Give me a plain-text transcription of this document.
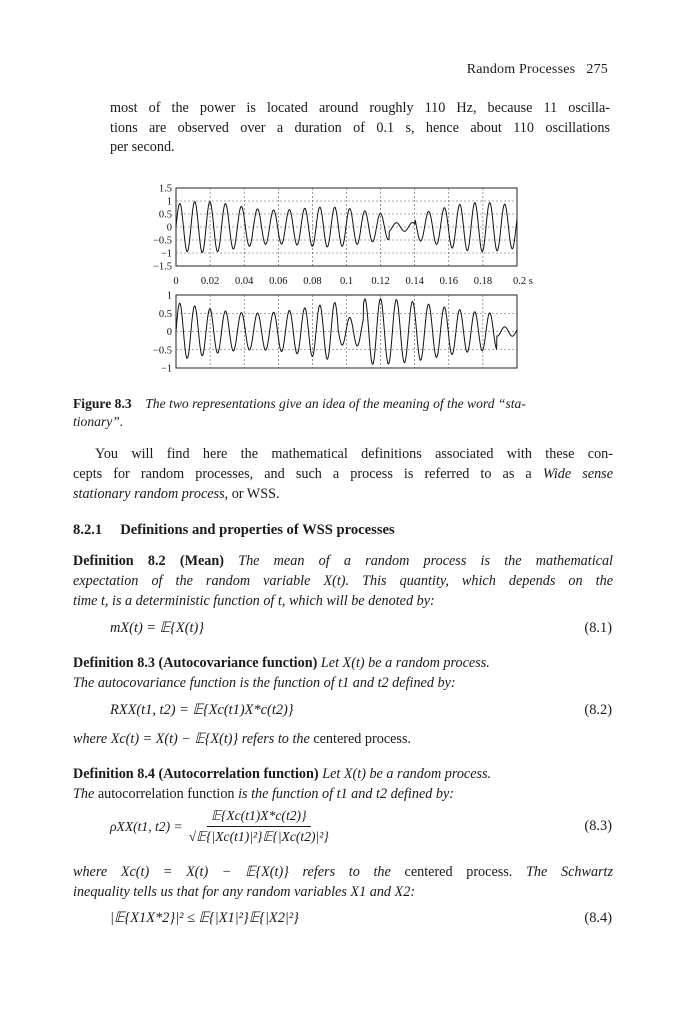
Random Processes 275
most of the power is located around roughly 110 Hz, because 11 oscilla-
tions are observed over a duration of 0.1 s, hence about 110 oscillations
per second.
1.5
1
0.5
0
−0.5
−1
−1.5
0 0.02 0.04 0.06 0.08 0.1 0.12 0.14 0.16 0.18 0.2 s
1
0.5
0
−0.5
−1
Figure 8.3 The two representations give an idea of the meaning of the word “sta-
tionary”.
You will find here the mathematical definitions associated with these con-
cepts for random processes, and such a process is referred to as a Wide sense
stationary random process, or WSS.
8.2.1 Definitions and properties of WSS processes
Definition 8.2 (Mean) The mean of a random process is the mathematical
expectation of the random variable X(t). This quantity, which depends on the
time t, is a deterministic function of t, which will be denoted by:
mX(t) = 𝔼{X(t)}	(8.1)
Definition 8.3 (Autocovariance function) Let X(t) be a random process.
The autocovariance function is the function of t1 and t2 defined by:
RXX(t1, t2) = 𝔼{Xc(t1)X*c(t2)}	(8.2)
where Xc(t) = X(t) − 𝔼{X(t)} refers to the centered process.
Definition 8.4 (Autocorrelation function) Let X(t) be a random process.
The autocorrelation function is the function of t1 and t2 defined by:
ρXX(t1, $t2) = \frac{\text{𝔼\{Xc(t1)X*c(t2)\}}}{\text{√𝔼\{|Xc(t1)|²\}𝔼\{|Xc(t2)|²\}}}$	(8.3)
where Xc(t) = X(t) − 𝔼{X(t)} refers to the centered process. The Schwartz
inequality tells us that for any random variables X1 and X2:
|𝔼{X1X*2}|² ≤ 𝔼{|X1|²}𝔼{|X2|²}	(8.4)
